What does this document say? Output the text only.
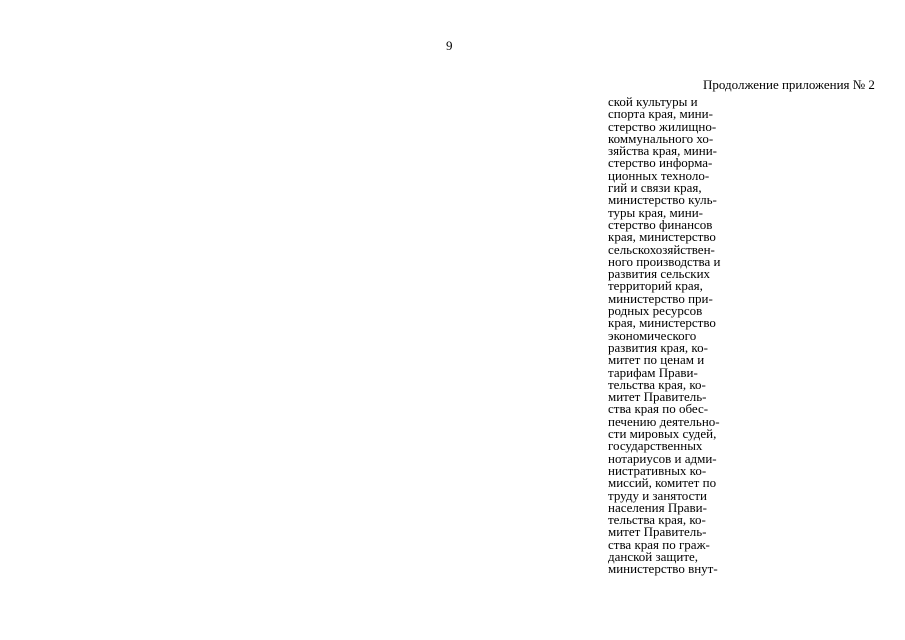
9
Продолжение приложения № 2
ской культуры и
спорта края, мини-
стерство жилищно-
коммунального хо-
зяйства края, мини-
стерство информа-
ционных техноло-
гий и связи края,
министерство куль-
туры края, мини-
стерство финансов
края, министерство
сельскохозяйствен-
ного производства и
развития сельских
территорий края,
министерство при-
родных ресурсов
края, министерство
экономического
развития края, ко-
митет по ценам и
тарифам Прави-
тельства края, ко-
митет Правитель-
ства края по обес-
печению деятельно-
сти мировых судей,
государственных
нотариусов и адми-
нистративных ко-
миссий, комитет по
труду и занятости
населения Прави-
тельства края, ко-
митет Правитель-
ства края по граж-
данской защите,
министерство внут-
